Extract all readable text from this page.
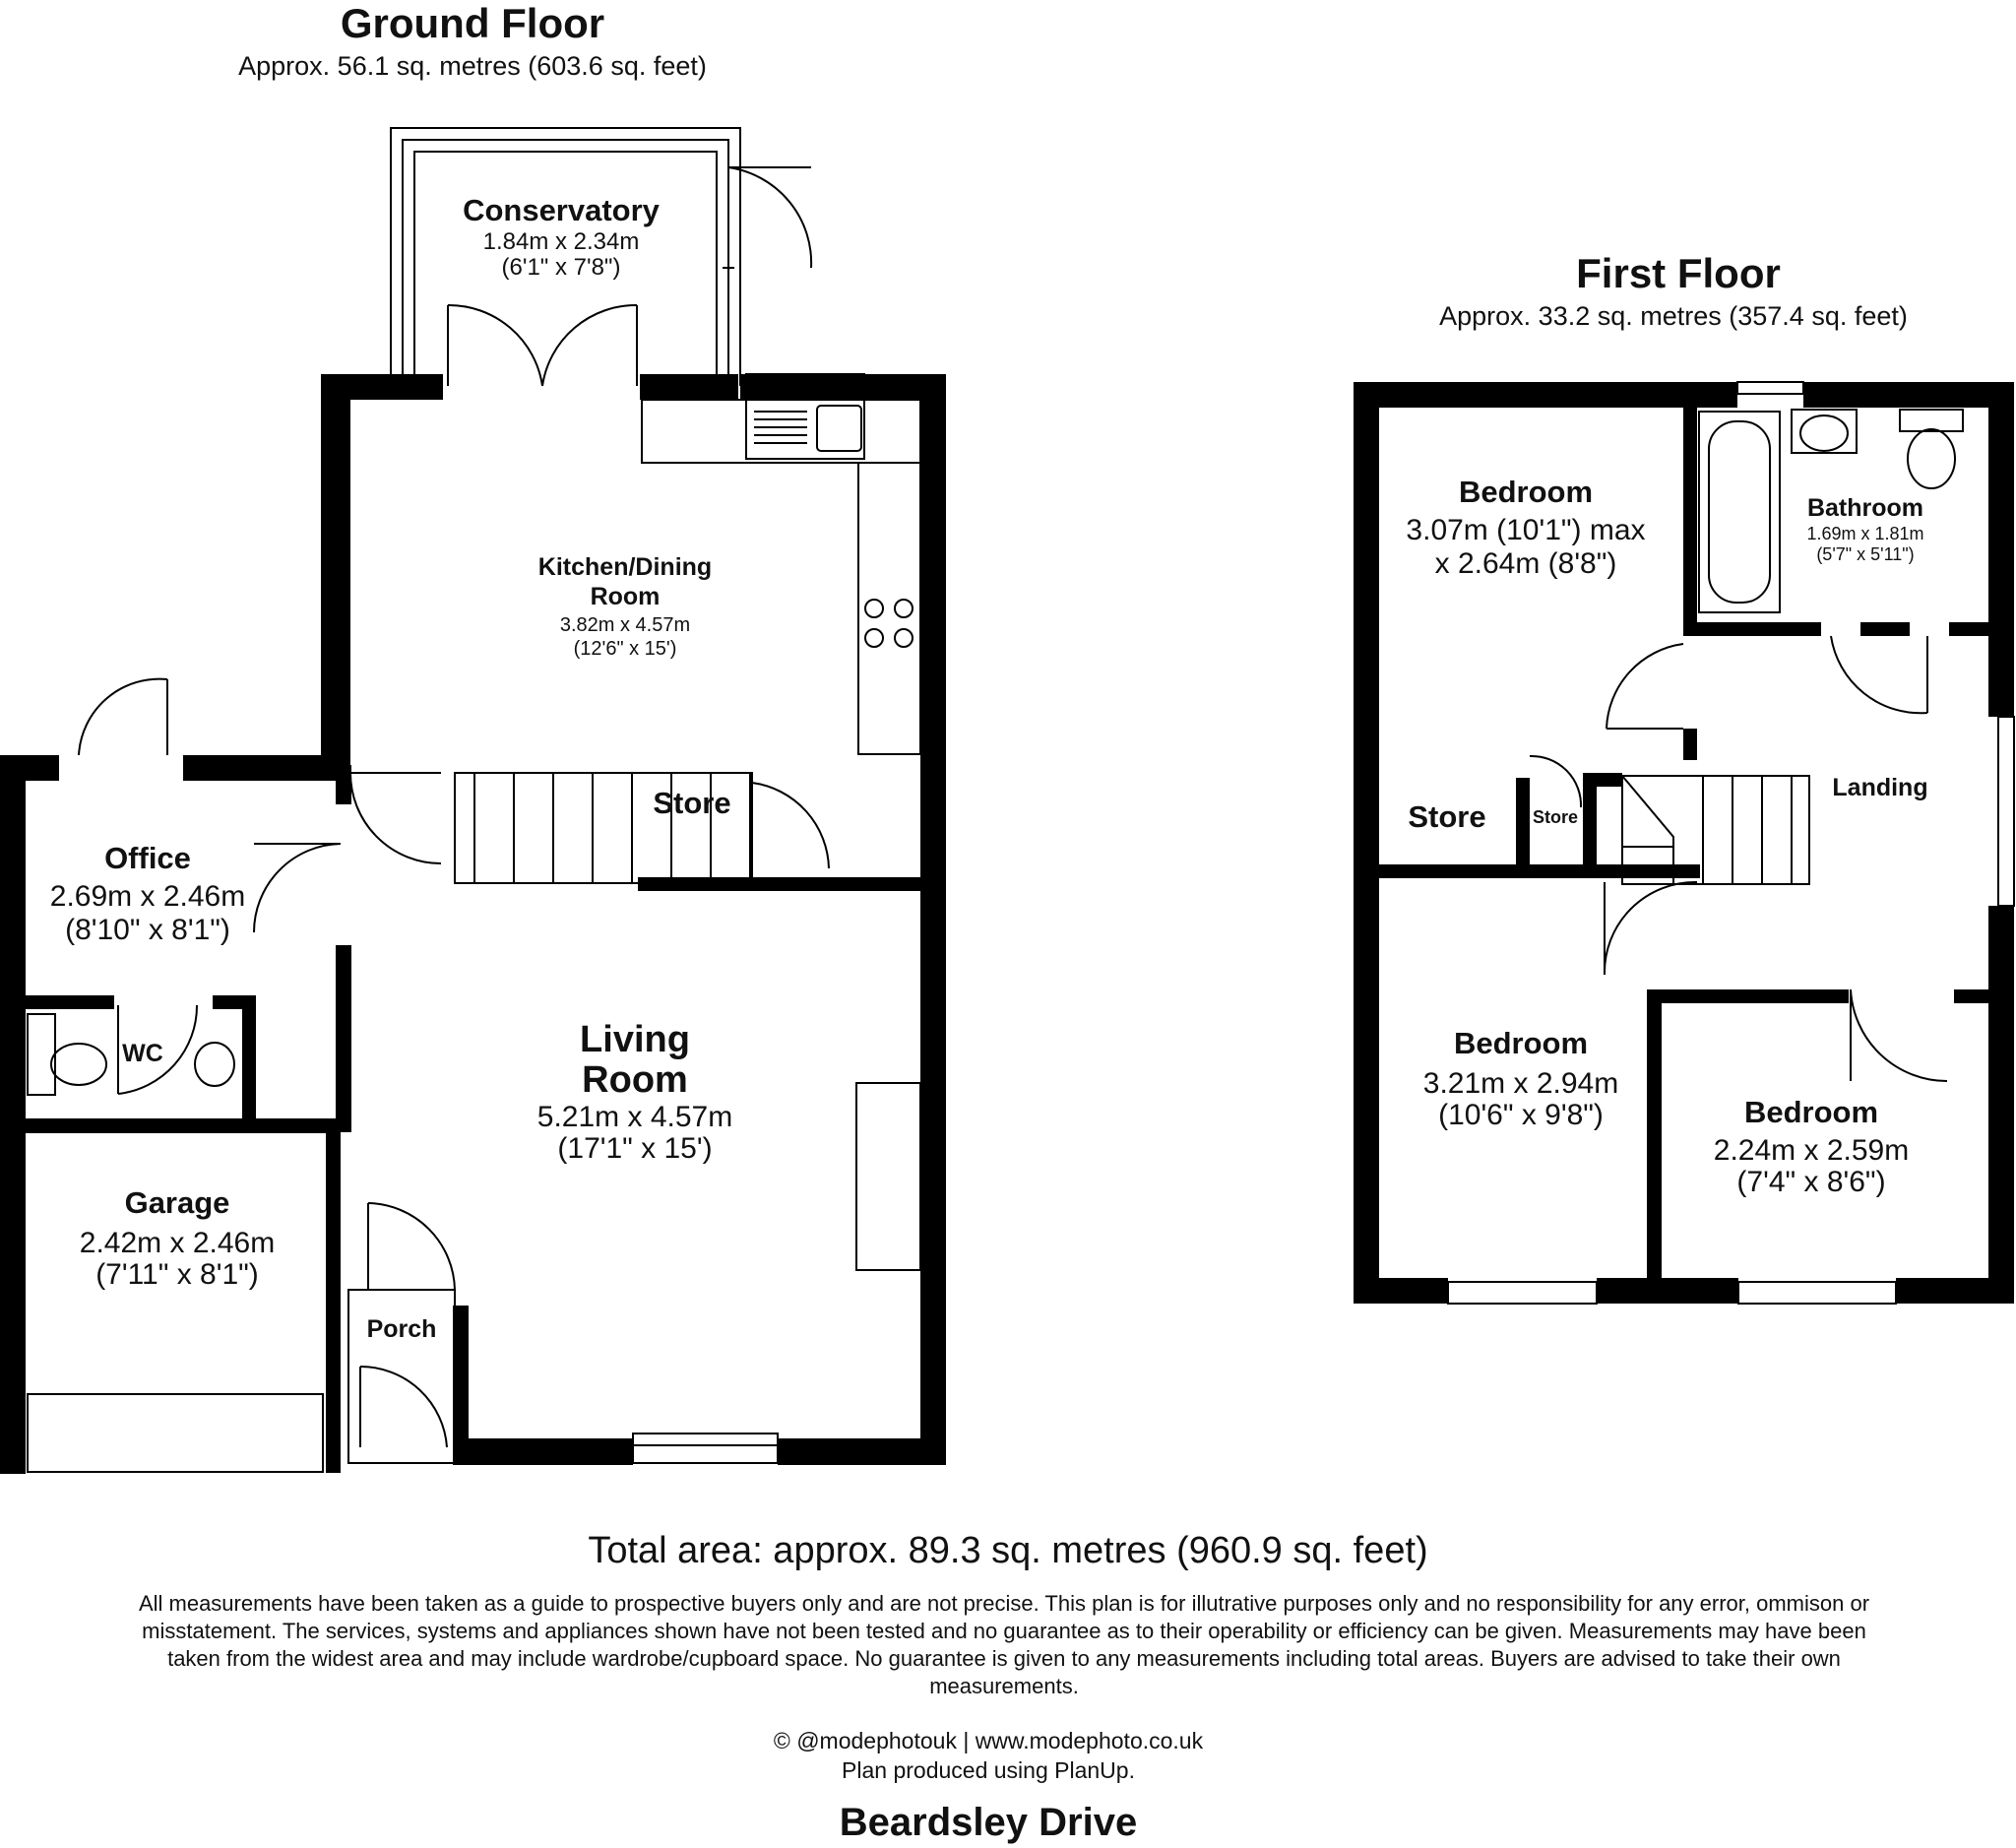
Ground Floor
Approx. 56.1 sq. metres (603.6 sq. feet)
Conservatory
1.84m x 2.34m
(6'1" x 7'8")
Kitchen/Dining
Room
3.82m x 4.57m
(12'6" x 15')
Store
Office
2.69m x 2.46m
(8'10" x 8'1")
WC	Living
Room
5.21m x 4.57m
(17'1" x 15')
Garage
2.42m x 2.46m
(7'11" x 8'1")
Porch
First Floor
Approx. 33.2 sq. metres (357.4 sq. feet)
Bedroom
3.07m (10'1") max
x 2.64m (8'8")
Bathroom
1.69m x 1.81m
(5'7" x 5'11")
Store	Store
Landing
Bedroom
3.21m x 2.94m
(10'6" x 9'8")	Bedroom
2.24m x 2.59m
(7'4" x 8'6")
Total area: approx. 89.3 sq. metres (960.9 sq. feet)
All measurements have been taken as a guide to prospective buyers only and are not precise. This plan is for illutrative purposes only and no responsibility for any error, ommison or misstatement. The services, systems and appliances shown have not been tested and no guarantee as to their operability or efficiency can be given. Measurements may have been taken from the widest area and may include wardrobe/cupboard space. No guarantee is given to any measurements including total areas. Buyers are advised to take their own measurements.
© @modephotouk | www.modephoto.co.uk
Plan produced using PlanUp.
Beardsley Drive
